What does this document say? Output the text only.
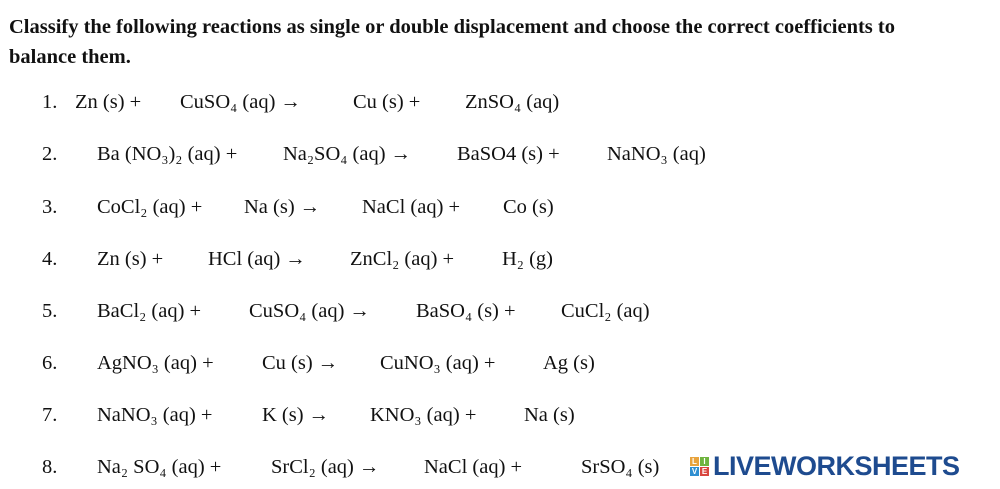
Classify the following reactions as single or double displacement and choose the correct coefficients to balance them.
1. Zn (s) + CuSO₄ (aq) →	Cu (s) + ZnSO₄ (aq)
2. Ba (NO₃)₂ (aq) + Na₂SO₄ (aq) → BaSO4 (s) + NaNO₃ (aq)
3. CoCl₂ (aq) + Na (s) → NaCl (aq) + Co (s)
4. Zn (s) + HCl (aq) → ZnCl₂ (aq) + H₂ (g)
5. BaCl₂ (aq) + CuSO₄ (aq) → BaSO₄ (s) + CuCl₂ (aq)
6. AgNO₃ (aq) + Cu (s) → CuNO₃ (aq) + Ag (s)
7. NaNO₃ (aq) + K (s) → KNO₃ (aq) + Na (s)
8. Na₂ SO₄ (aq) + SrCl₂ (aq) → NaCl (aq) +	SrSO₄ (s)	L I
V E LIVEWORKSHEETS
